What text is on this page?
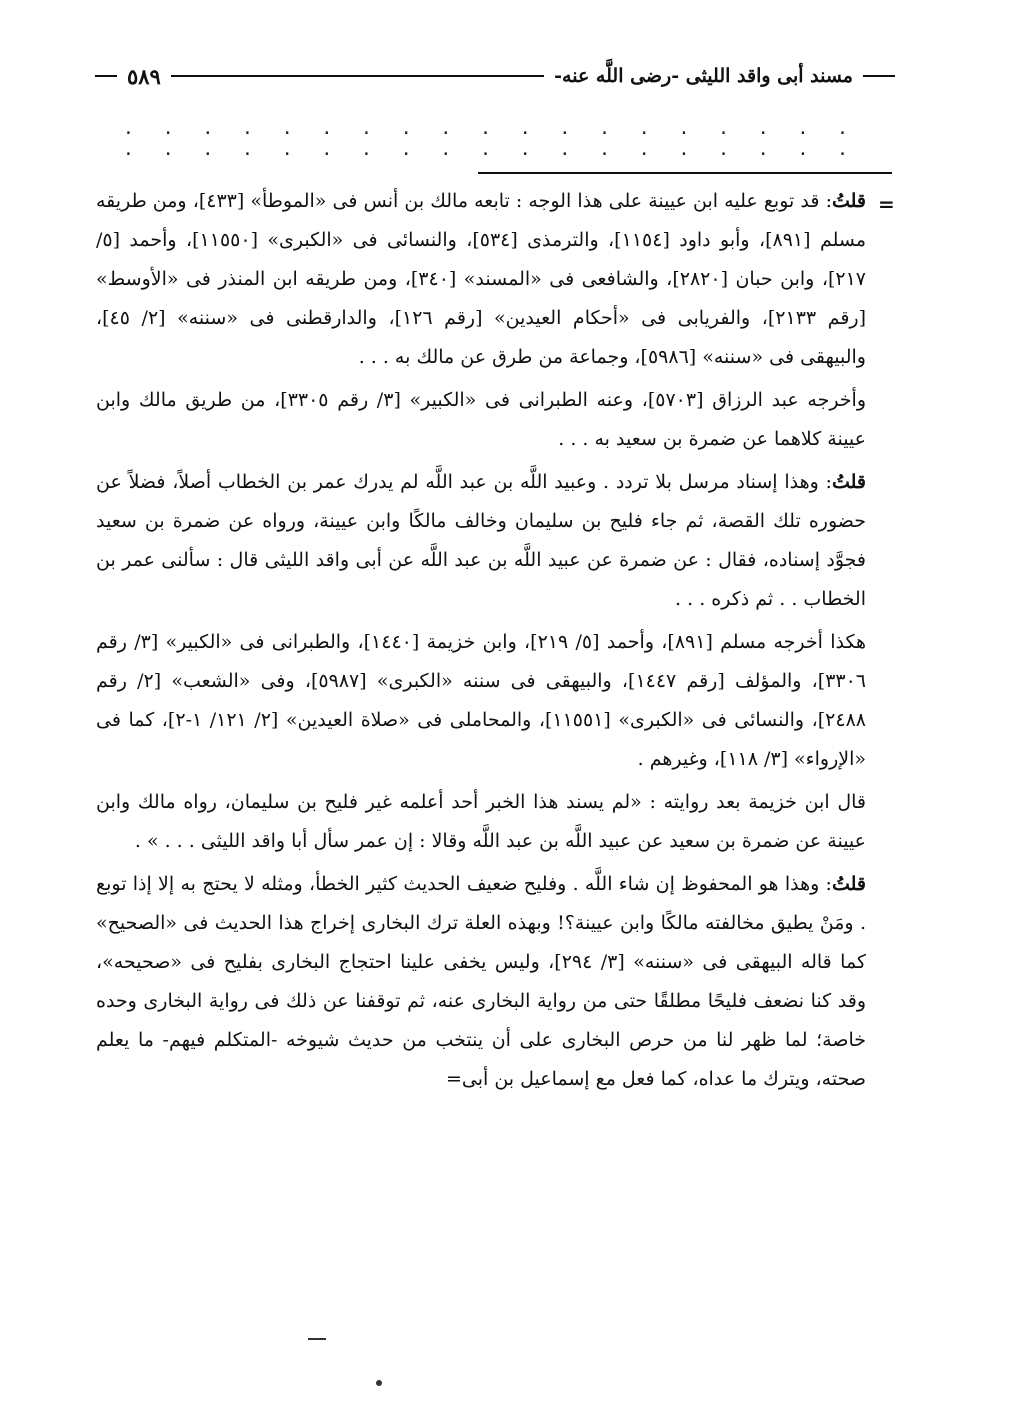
مسند أبى واقد الليثى -رضى اللَّه عنه-
٥٨٩
. . . . . . . . . . . . . . . . . . . . . . . . . . . . . . . . . . . . . .
=

قلتُ: قد توبع عليه ابن عيينة على هذا الوجه : تابعه مالك بن أنس فى «الموطأ» [٤٣٣]، ومن طريقه مسلم [٨٩١]، وأبو داود [١١٥٤]، والترمذى [٥٣٤]، والنسائى فى «الكبرى» [١١٥٥٠]، وأحمد [٥/ ٢١٧]، وابن حبان [٢٨٢٠]، والشافعى فى «المسند» [٣٤٠]، ومن طريقه ابن المنذر فى «الأوسط» [رقم ٢١٣٣]، والفريابى فى «أحكام العيدين» [رقم ١٢٦]، والدارقطنى فى «سننه» [٢/ ٤٥]، والبيهقى فى «سننه» [٥٩٨٦]، وجماعة من طرق عن مالك به . . .

وأخرجه عبد الرزاق [٥٧٠٣]، وعنه الطبرانى فى «الكبير» [٣/ رقم ٣٣٠٥]، من طريق مالك وابن عيينة كلاهما عن ضمرة بن سعيد به . . .

قلتُ: وهذا إسناد مرسل بلا تردد . وعبيد اللَّه بن عبد اللَّه لم يدرك عمر بن الخطاب أصلاً، فضلاً عن حضوره تلك القصة، ثم جاء فليح بن سليمان وخالف مالكًا وابن عيينة، ورواه عن ضمرة بن سعيد فجوَّد إسناده، فقال : عن ضمرة عن عبيد اللَّه بن عبد اللَّه عن أبى واقد الليثى قال : سألنى عمر بن الخطاب . . ثم ذكره . . .

هكذا أخرجه مسلم [٨٩١]، وأحمد [٥/ ٢١٩]، وابن خزيمة [١٤٤٠]، والطبرانى فى «الكبير» [٣/ رقم ٣٣٠٦]، والمؤلف [رقم ١٤٤٧]، والبيهقى فى سننه «الكبرى» [٥٩٨٧]، وفى «الشعب» [٢/ رقم ٢٤٨٨]، والنسائى فى «الكبرى» [١١٥٥١]، والمحاملى فى «صلاة العيدين» [٢/ ١٢١/ ١-٢]، كما فى «الإرواء» [٣/ ١١٨]، وغيرهم .

قال ابن خزيمة بعد روايته : «لم يسند هذا الخبر أحد أعلمه غير فليح بن سليمان، رواه مالك وابن عيينة عن ضمرة بن سعيد عن عبيد اللَّه بن عبد اللَّه وقالا : إن عمر سأل أبا واقد الليثى . . . » .

قلتُ: وهذا هو المحفوظ إن شاء اللَّه . وفليح ضعيف الحديث كثير الخطأ، ومثله لا يحتج به إلا إذا توبع . ومَنْ يطيق مخالفته مالكًا وابن عيينة؟! وبهذه العلة ترك البخارى إخراج هذا الحديث فى «الصحيح» كما قاله البيهقى فى «سننه» [٣/ ٢٩٤]، وليس يخفى علينا احتجاج البخارى بفليح فى «صحيحه»، وقد كنا نضعف فليحًا مطلقًا حتى من رواية البخارى عنه، ثم توقفنا عن ذلك فى رواية البخارى وحده خاصة؛ لما ظهر لنا من حرص البخارى على أن ينتخب من حديث شيوخه -المتكلم فيهم- ما يعلم صحته، ويترك ما عداه، كما فعل مع إسماعيل بن أبى=
